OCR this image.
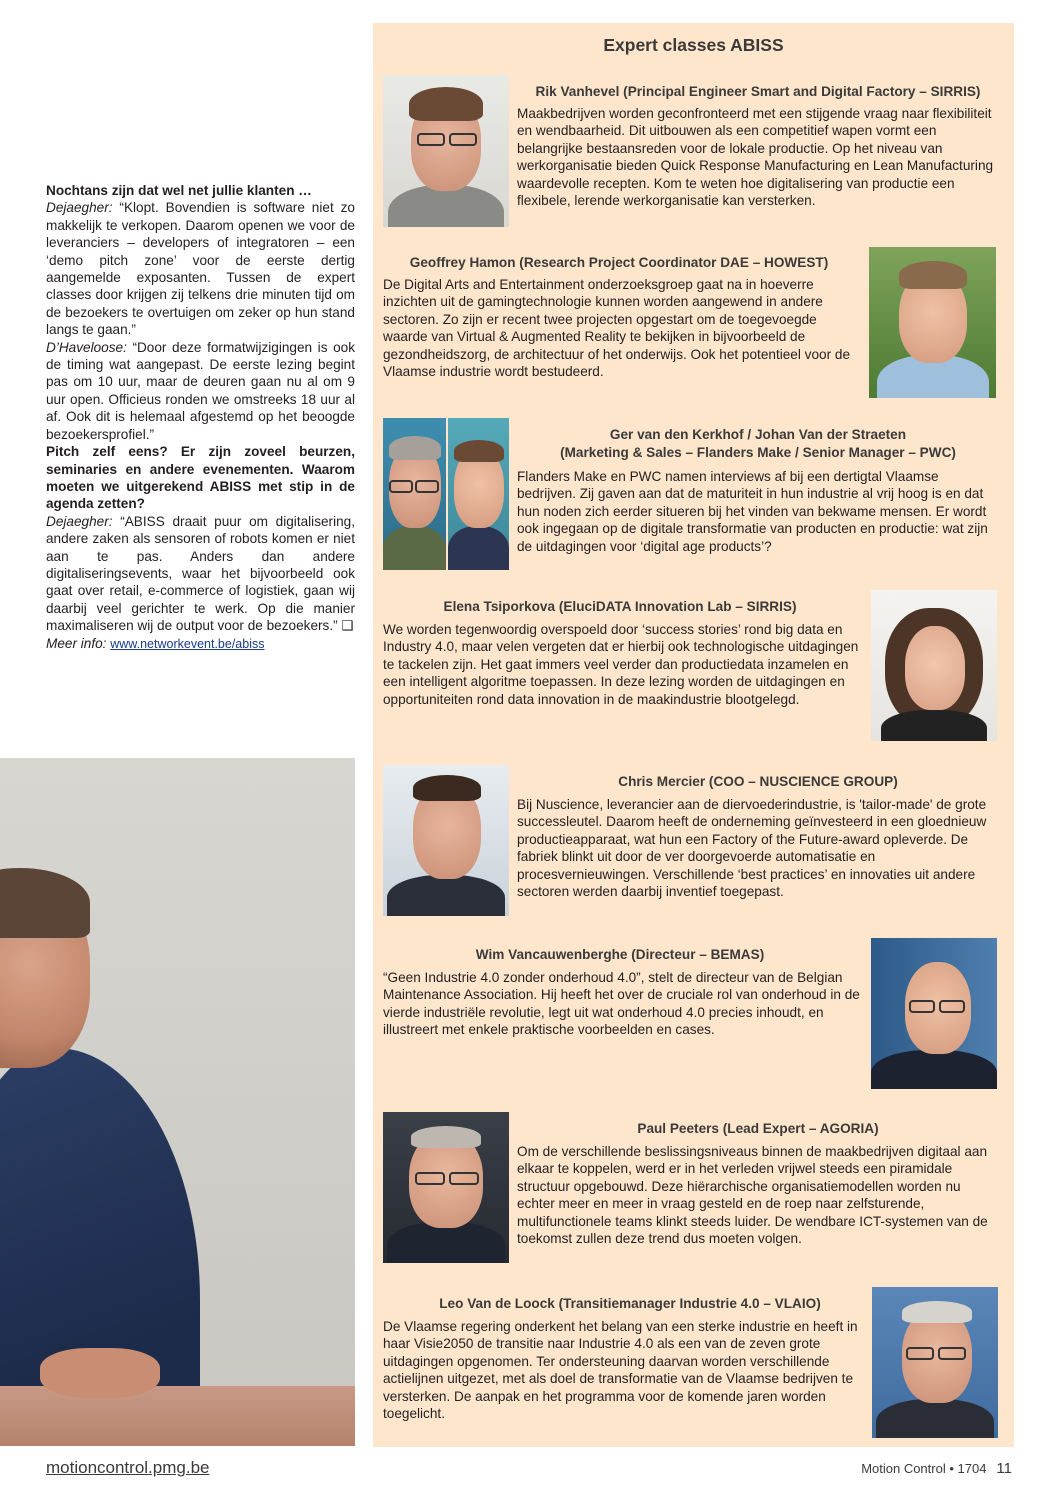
Nochtans zijn dat wel net jullie klanten …

Dejaegher: “Klopt. Bovendien is software niet zo makkelijk te verkopen. Daarom openen we voor de leveranciers – developers of integratoren – een ‘demo pitch zone’ voor de eerste dertig aangemelde exposanten. Tussen de expert classes door krijgen zij telkens drie minuten tijd om de bezoekers te overtuigen om zeker op hun stand langs te gaan.”

D’Haveloose: “Door deze formatwijzigingen is ook de timing wat aangepast. De eerste lezing begint pas om 10 uur, maar de deuren gaan nu al om 9 uur open. Officieus ronden we omstreeks 18 uur al af. Ook dit is helemaal afgestemd op het beoogde bezoekersprofiel.”

Pitch zelf eens? Er zijn zoveel beurzen, seminaries en andere evenementen. Waarom moeten we uitgerekend ABISS met stip in de agenda zetten?

Dejaegher: “ABISS draait puur om digitalisering, andere zaken als sensoren of robots komen er niet aan te pas. Anders dan andere digitaliseringsevents, waar het bijvoorbeeld ook gaat over retail, e-commerce of logistiek, gaan wij daarbij veel gerichter te werk. Op die manier maximaliseren wij de output voor de bezoekers.” ❑

Meer info: www.networkevent.be/abiss

Expert classes ABISS
Rik Vanhevel (Principal Engineer Smart and Digital Factory – SIRRIS)
Maakbedrijven worden geconfronteerd met een stijgende vraag naar flexibiliteit en wendbaarheid. Dit uitbouwen als een competitief wapen vormt een belangrijke bestaansreden voor de lokale productie. Op het niveau van werkorganisatie bieden Quick Response Manufacturing en Lean Manufacturing waardevolle recepten. Kom te weten hoe digitalisering van productie een flexibele, lerende werkorganisatie kan versterken.
Geoffrey Hamon (Research Project Coordinator DAE – HOWEST)
De Digital Arts and Entertainment onderzoeksgroep gaat na in hoeverre inzichten uit de gamingtechnologie kunnen worden aangewend in andere sectoren. Zo zijn er recent twee projecten opgestart om de toegevoegde waarde van Virtual & Augmented Reality te bekijken in bijvoorbeeld de gezondheidszorg, de architectuur of het onderwijs. Ook het potentieel voor de Vlaamse industrie wordt bestudeerd.
Ger van den Kerkhof / Johan Van der Straeten
(Marketing & Sales – Flanders Make / Senior Manager – PWC)
Flanders Make en PWC namen interviews af bij een dertigtal Vlaamse bedrijven. Zij gaven aan dat de maturiteit in hun industrie al vrij hoog is en dat hun noden zich eerder situeren bij het vinden van bekwame mensen. Er wordt ook ingegaan op de digitale transformatie van producten en productie: wat zijn de uitdagingen voor ‘digital age products’?
Elena Tsiporkova (EluciDATA Innovation Lab – SIRRIS)
We worden tegenwoordig overspoeld door ‘success stories’ rond big data en Industry 4.0, maar velen vergeten dat er hierbij ook technologische uitdagingen te tackelen zijn. Het gaat immers veel verder dan productiedata inzamelen en een intelligent algoritme toepassen. In deze lezing worden de uitdagingen en opportuniteiten rond data innovation in de maakindustrie blootgelegd.
Chris Mercier (COO – NUSCIENCE GROUP)
Bij Nuscience, leverancier aan de diervoederindustrie, is 'tailor-made' de grote successleutel. Daarom heeft de onderneming geïnvesteerd in een gloednieuw productieapparaat, wat hun een Factory of the Future-award opleverde. De fabriek blinkt uit door de ver doorgevoerde automatisatie en procesvernieuwingen. Verschillende ‘best practices’ en innovaties uit andere sectoren werden daarbij inventief toegepast.
Wim Vancauwenberghe (Directeur – BEMAS)
“Geen Industrie 4.0 zonder onderhoud 4.0”, stelt de directeur van de Belgian Maintenance Association. Hij heeft het over de cruciale rol van onderhoud in de vierde industriële revolutie, legt uit wat onderhoud 4.0 precies inhoudt, en illustreert met enkele praktische voorbeelden en cases.
Paul Peeters (Lead Expert – AGORIA)
Om de verschillende beslissingsniveaus binnen de maakbedrijven digitaal aan elkaar te koppelen, werd er in het verleden vrijwel steeds een piramidale structuur opgebouwd. Deze hiërarchische organisatiemodellen worden nu echter meer en meer in vraag gesteld en de roep naar zelfsturende, multifunctionele teams klinkt steeds luider. De wendbare ICT-systemen van de toekomst zullen deze trend dus moeten volgen.
Leo Van de Loock (Transitiemanager Industrie 4.0 – VLAIO)
De Vlaamse regering onderkent het belang van een sterke industrie en heeft in haar Visie2050 de transitie naar Industrie 4.0 als een van de zeven grote uitdagingen opgenomen. Ter ondersteuning daarvan worden verschillende actielijnen uitgezet, met als doel de transformatie van de Vlaamse bedrijven te versterken. De aanpak en het programma voor de komende jaren worden toegelicht.
motioncontrol.pmg.be	Motion Control • 1704 11
